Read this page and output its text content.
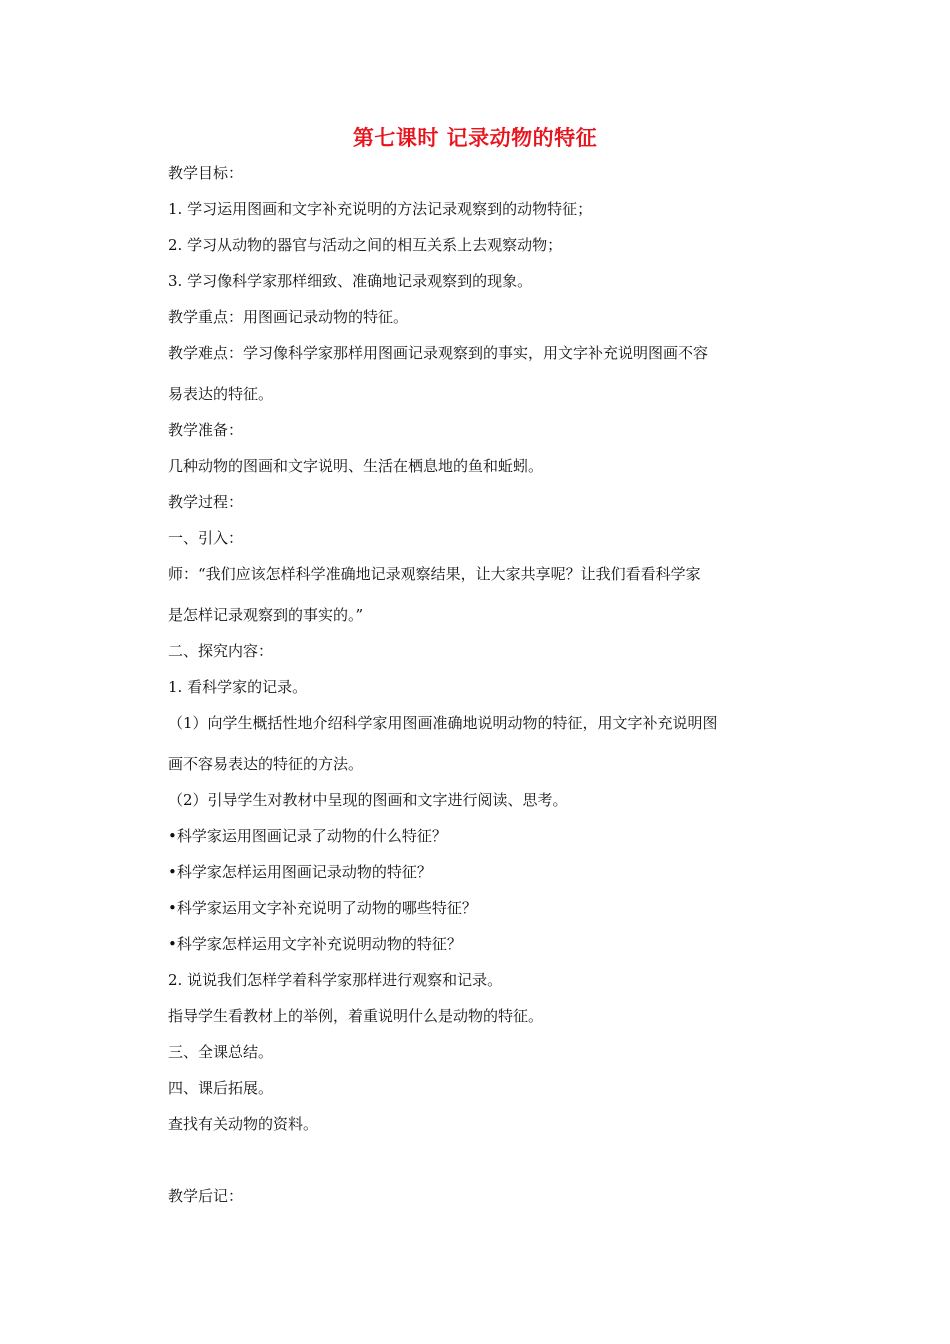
第七课时 记录动物的特征

教学目标：

1. 学习运用图画和文字补充说明的方法记录观察到的动物特征；

2. 学习从动物的器官与活动之间的相互关系上去观察动物；

3. 学习像科学家那样细致、准确地记录观察到的现象。

教学重点：用图画记录动物的特征。

教学难点：学习像科学家那样用图画记录观察到的事实，用文字补充说明图画不容

易表达的特征。

教学准备：

几种动物的图画和文字说明、生活在栖息地的鱼和蚯蚓。

教学过程：

一、引入：

师：“我们应该怎样科学准确地记录观察结果，让大家共享呢？让我们看看科学家

是怎样记录观察到的事实的。”

二、探究内容：

1. 看科学家的记录。

（1）向学生概括性地介绍科学家用图画准确地说明动物的特征，用文字补充说明图

画不容易表达的特征的方法。

（2）引导学生对教材中呈现的图画和文字进行阅读、思考。

•科学家运用图画记录了动物的什么特征？

•科学家怎样运用图画记录动物的特征？

•科学家运用文字补充说明了动物的哪些特征？

•科学家怎样运用文字补充说明动物的特征？

2. 说说我们怎样学着科学家那样进行观察和记录。

指导学生看教材上的举例，着重说明什么是动物的特征。

三、全课总结。

四、课后拓展。

查找有关动物的资料。

教学后记：
